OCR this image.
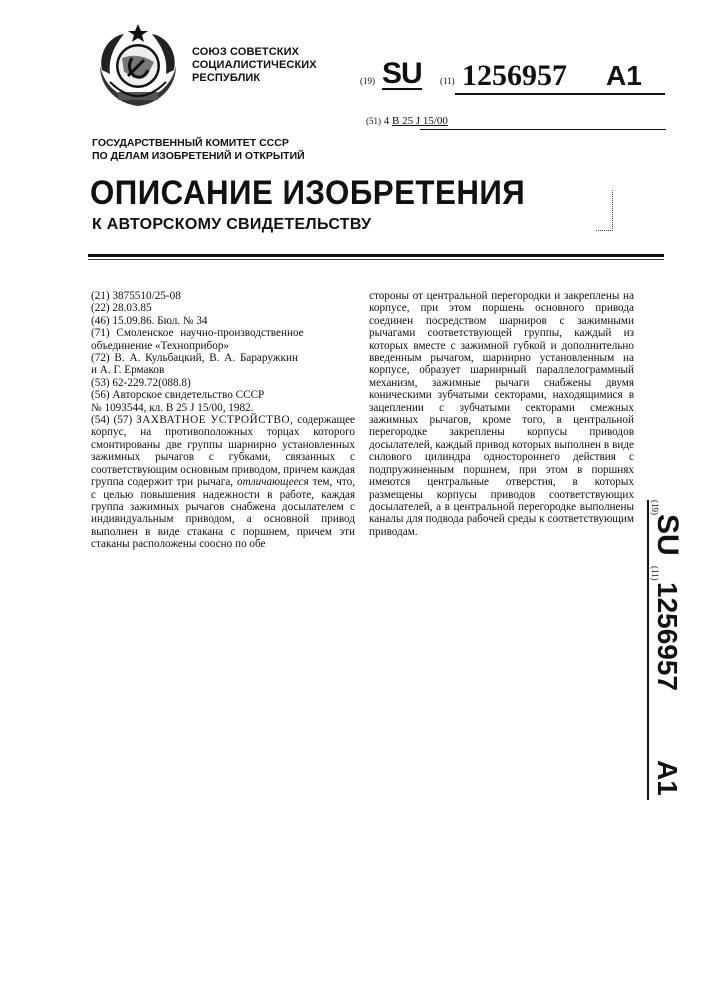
СОЮЗ СОВЕТСКИХ
СОЦИАЛИСТИЧЕСКИХ
РЕСПУБЛИК	(19) SU (11) 1256957 A1
(51) 4 B 25 J 15/00
ГОСУДАРСТВЕННЫЙ КОМИТЕТ СССР
ПО ДЕЛАМ ИЗОБРЕТЕНИЙ И ОТКРЫТИЙ
ОПИСАНИЕ ИЗОБРЕТЕНИЯ
К АВТОРСКОМУ СВИДЕТЕЛЬСТВУ
(21) 3875510/25-08
(22) 28.03.85
(46) 15.09.86. Бюл. № 34
(71) Смоленское научно-производственное
объединение «Техноприбор»
(72) В. А. Кульбацкий, В. А. Бараружкин
и А. Г. Ермаков
(53) 62-229.72(088.8)
(56) Авторское свидетельство СССР
№ 1093544, кл. B 25 J 15/00, 1982.
(54) (57) ЗАХВАТНОЕ УСТРОЙСТВО, содержащее корпус, на противоположных торцах которого смонтированы две группы шарнирно установленных зажимных рычагов с губками, связанных с соответствующим основным приводом, причем каждая группа содержит три рычага, отличающееся тем, что, с целью повышения надежности в работе, каждая группа зажимных рычагов снабжена досылателем с индивидуальным приводом, а основной привод выполнен в виде стакана с поршнем, причем эти стаканы расположены соосно по обе
стороны от центральной перегородки и закреплены на корпусе, при этом поршень основного привода соединен посредством шарниров с зажимными рычагами соответствующей группы, каждый из которых вместе с зажимной губкой и дополнительно введенным рычагом, шарнирно установленным на корпусе, образует шарнирный параллелограммный механизм, зажимные рычаги снабжены двумя коническими зубчатыми секторами, находящимися в зацеплении с зубчатыми секторами смежных зажимных рычагов, кроме того, в центральной перегородке закреплены корпусы приводов досылателей, каждый привод которых выполнен в виде силового цилиндра одностороннего действия с подпружиненным поршнем, при этом в поршнях имеются центральные отверстия, в которых размещены корпусы приводов соответствующих досылателей, а в центральной перегородке выполнены каналы для подвода рабочей среды к соответствующим приводам.
(19)
SU
(11)
1256957
A1
